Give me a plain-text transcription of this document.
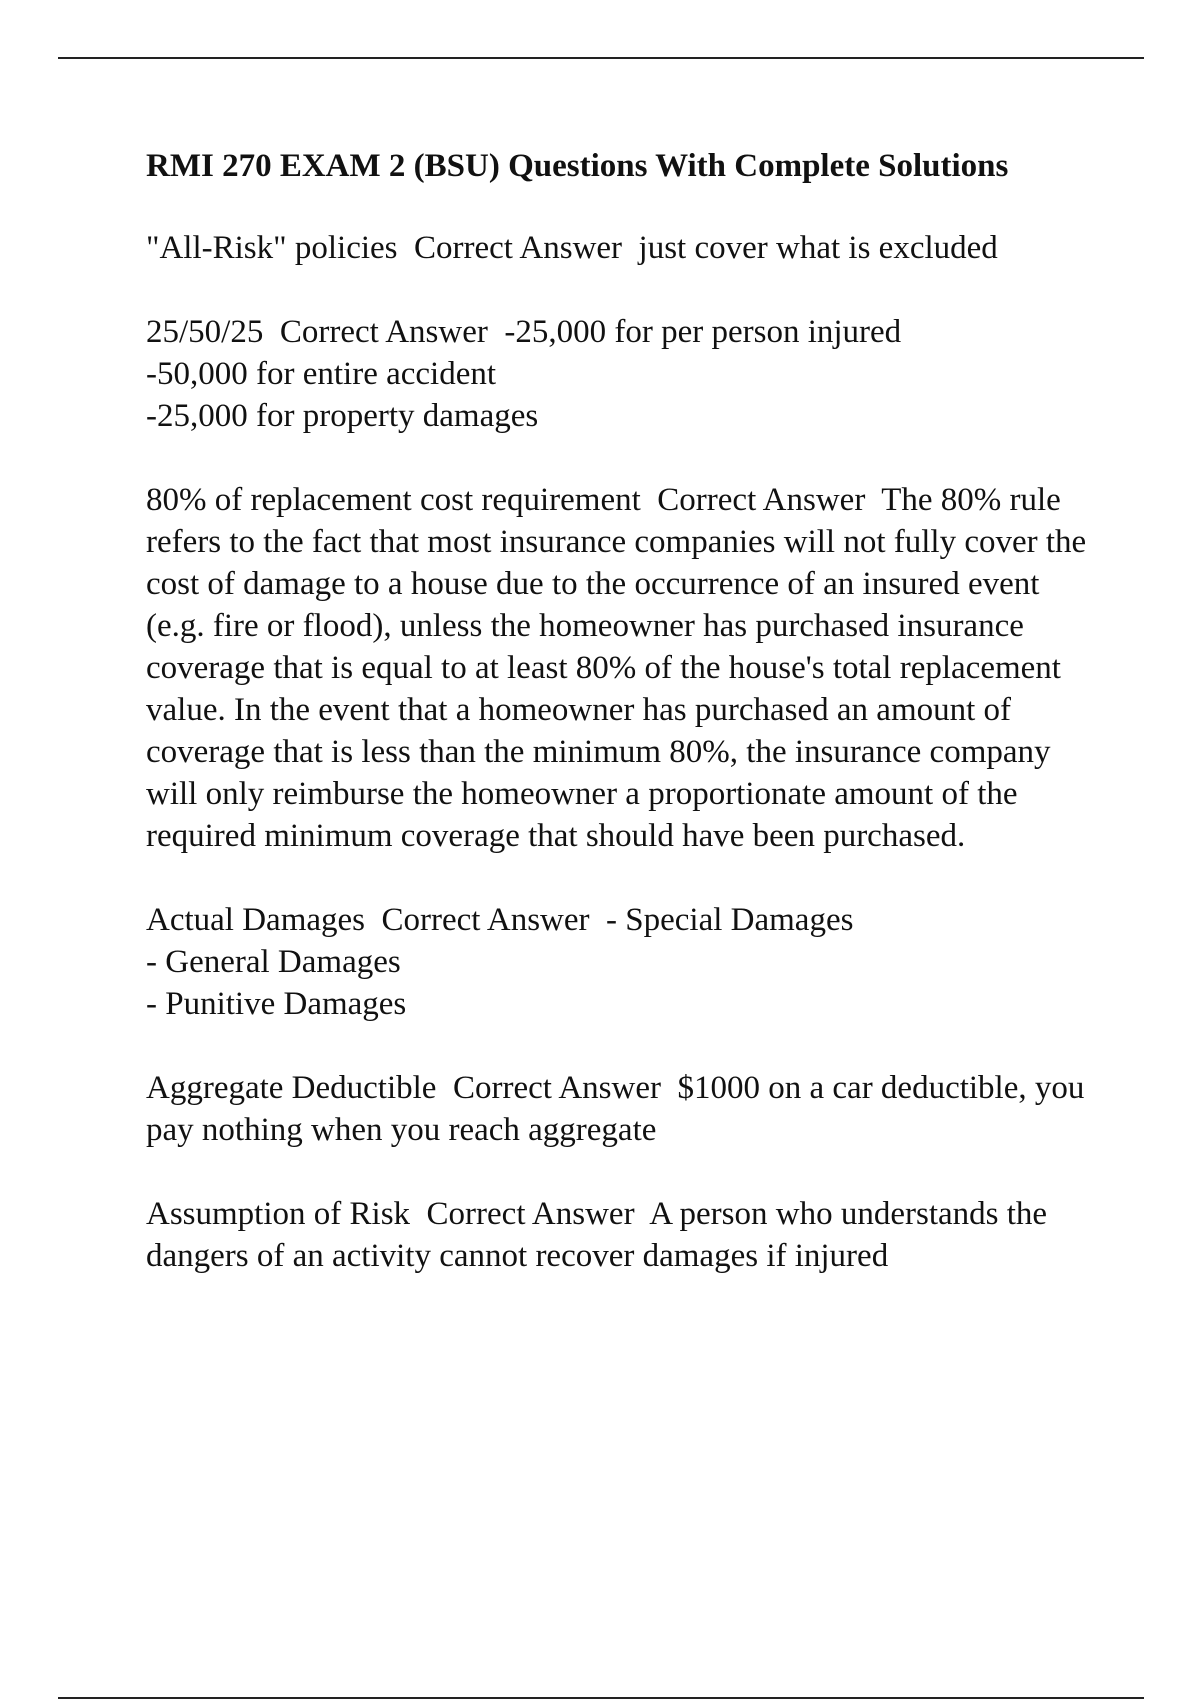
RMI 270 EXAM 2 (BSU) Questions With Complete Solutions
"All-Risk" policies Correct Answer just cover what is excluded
25/50/25 Correct Answer -25,000 for per person injured
-50,000 for entire accident
-25,000 for property damages
80% of replacement cost requirement Correct Answer The 80% rule refers to the fact that most insurance companies will not fully cover the cost of damage to a house due to the occurrence of an insured event (e.g. fire or flood), unless the homeowner has purchased insurance coverage that is equal to at least 80% of the house's total replacement value. In the event that a homeowner has purchased an amount of coverage that is less than the minimum 80%, the insurance company will only reimburse the homeowner a proportionate amount of the required minimum coverage that should have been purchased.
Actual Damages Correct Answer - Special Damages
- General Damages
- Punitive Damages
Aggregate Deductible Correct Answer $1000 on a car deductible, you pay nothing when you reach aggregate
Assumption of Risk Correct Answer A person who understands the dangers of an activity cannot recover damages if injured
